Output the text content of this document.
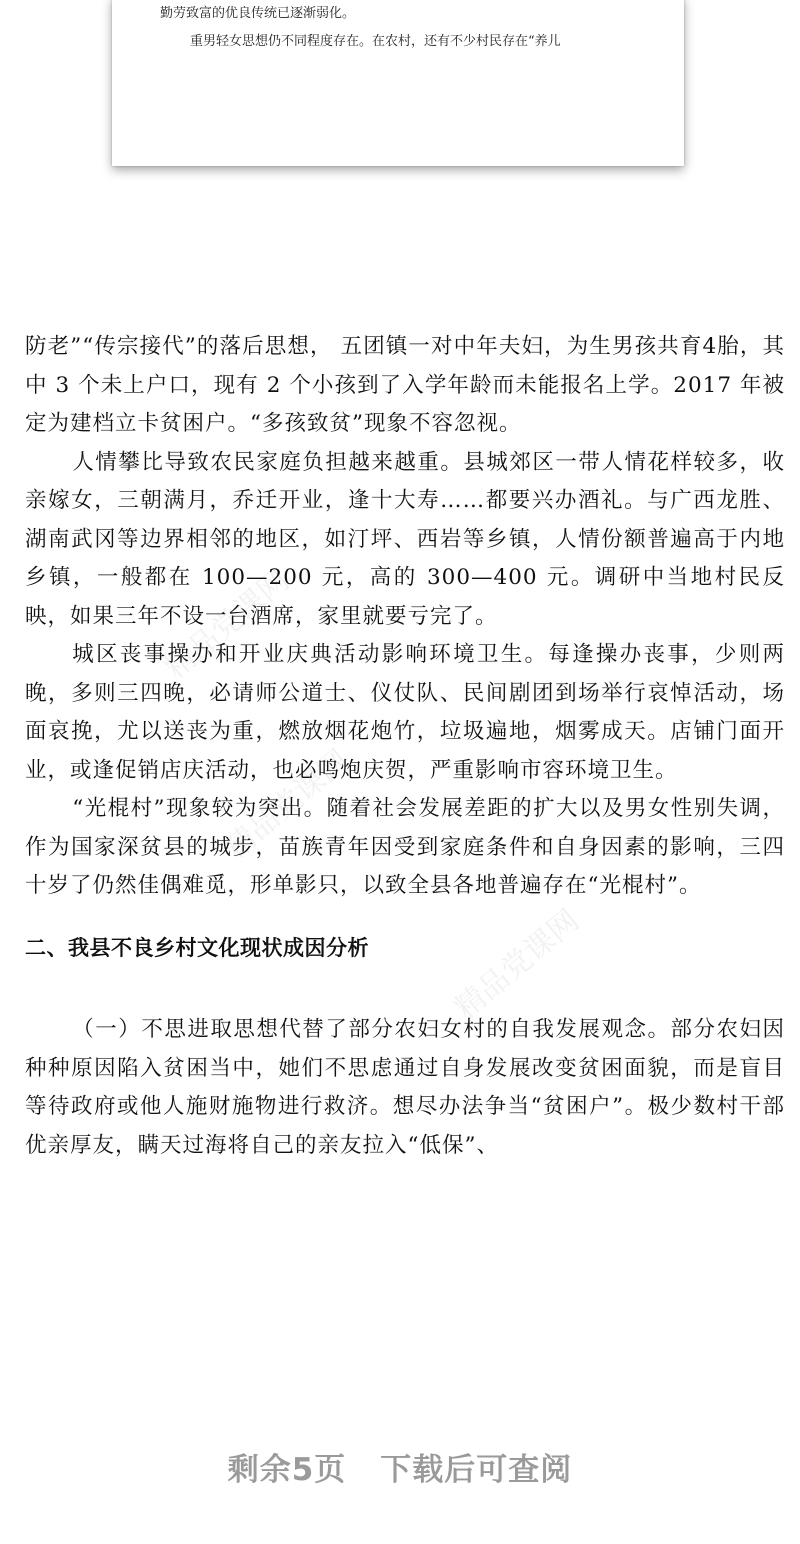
勤劳致富的优良传统已逐渐弱化。
重男轻女思想仍不同程度存在。在农村，还有不少村民存在“养儿
精品党课网
精品党课网
精品党课网

防老”“传宗接代”的落后思想， 五团镇一对中年夫妇，为生男孩共育4胎，其中 3 个未上户口，现有 2 个小孩到了入学年龄而未能报名上学。2017 年被定为建档立卡贫困户。“多孩致贫”现象不容忽视。

人情攀比导致农民家庭负担越来越重。县城郊区一带人情花样较多，收亲嫁女，三朝满月，乔迁开业，逢十大寿……都要兴办酒礼。与广西龙胜、湖南武冈等边界相邻的地区，如汀坪、西岩等乡镇，人情份额普遍高于内地乡镇，一般都在 100—200 元，高的 300—400 元。调研中当地村民反映，如果三年不设一台酒席，家里就要亏完了。

城区丧事操办和开业庆典活动影响环境卫生。每逢操办丧事，少则两晚，多则三四晚，必请师公道士、仪仗队、民间剧团到场举行哀悼活动，场面哀挽，尤以送丧为重，燃放烟花炮竹，垃圾遍地，烟雾成天。店铺门面开业，或逢促销店庆活动，也必鸣炮庆贺，严重影响市容环境卫生。

“光棍村”现象较为突出。随着社会发展差距的扩大以及男女性别失调，作为国家深贫县的城步，苗族青年因受到家庭条件和自身因素的影响，三四十岁了仍然佳偶难觅，形单影只，以致全县各地普遍存在“光棍村”。

二、我县不良乡村文化现状成因分析

（一）不思进取思想代替了部分农妇女村的自我发展观念。部分农妇因种种原因陷入贫困当中，她们不思虑通过自身发展改变贫困面貌，而是盲目等待政府或他人施财施物进行救济。想尽办法争当“贫困户”。极少数村干部优亲厚友，瞒天过海将自己的亲友拉入“低保”、

剩余5页 下载后可查阅
